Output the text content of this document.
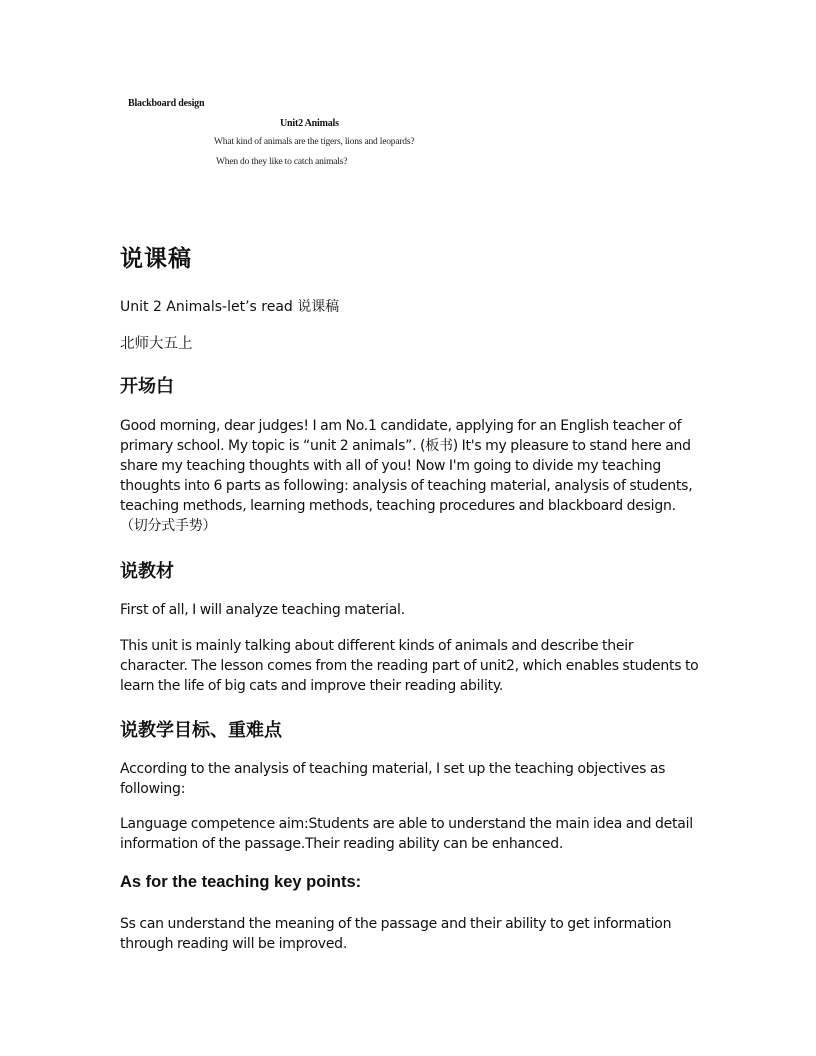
Blackboard design
Unit2 Animals
What kind of animals are the tigers, lions and leopards?
When do they like to catch animals?
说课稿
Unit 2 Animals-let’s read 说课稿
北师大五上
开场白
Good morning, dear judges! I am No.1 candidate, applying for an English teacher of primary school. My topic is “unit 2 animals”. (板书) It's my pleasure to stand here and share my teaching thoughts with all of you! Now I'm going to divide my teaching thoughts into 6 parts as following: analysis of teaching material, analysis of students, teaching methods, learning methods, teaching procedures and blackboard design.（切分式手势）
说教材
First of all, I will analyze teaching material.
This unit is mainly talking about different kinds of animals and describe their character. The lesson comes from the reading part of unit2, which enables students to learn the life of big cats and improve their reading ability.
说教学目标、重难点
According to the analysis of teaching material, I set up the teaching objectives as following:
Language competence aim:Students are able to understand the main idea and detail information of the passage.Their reading ability can be enhanced.
As for the teaching key points:
Ss can understand the meaning of the passage and their ability to get information through reading will be improved.
